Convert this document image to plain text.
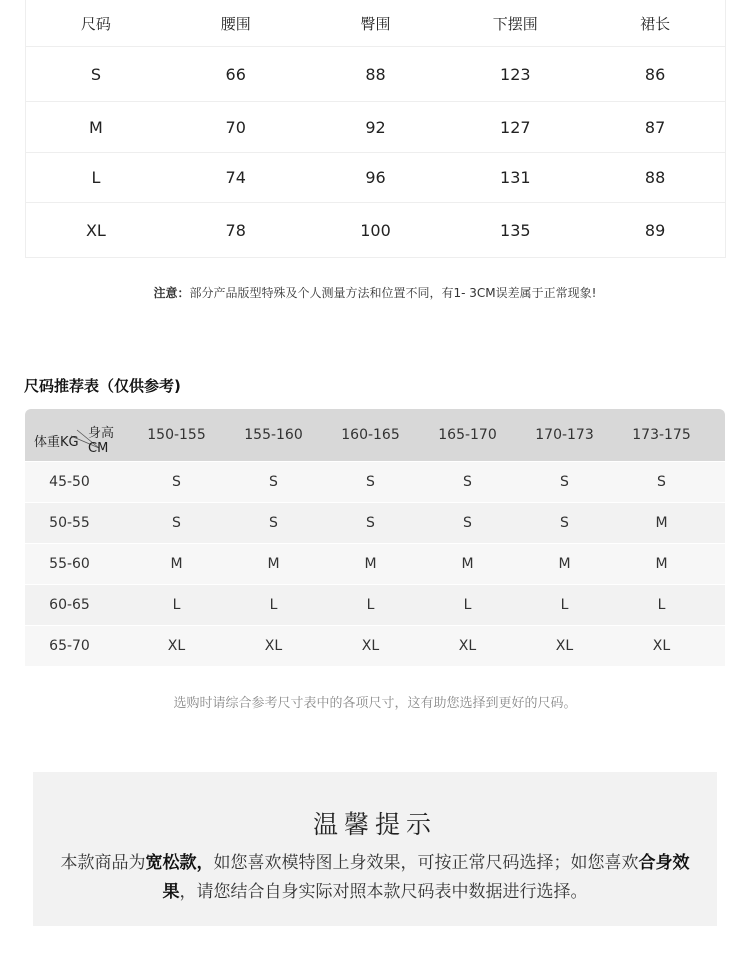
尺码	腰围	臀围	下摆围	裙长
S	66	88	123	86
M	70	92	127	87
L	74	96	131	88
XL	78	100	135	89
注意：部分产品版型特殊及个人测量方法和位置不同，有1- 3CM误差属于正常现象!
尺码推荐表（仅供参考)
身高CM
体重KG	150-155	155-160	160-165	165-170	170-173	173-175
45-50	S	S	S	S	S	S
50-55	S	S	S	S	S	M
55-60	M	M	M	M	M	M
60-65	L	L	L	L	L	L
65-70	XL	XL	XL	XL	XL	XL
选购时请综合参考尺寸表中的各项尺寸，这有助您选择到更好的尺码。
温馨提示
本款商品为宽松款，如您喜欢模特图上身效果，可按正常尺码选择；如您喜欢合身效果，请您结合自身实际对照本款尺码表中数据进行选择。
